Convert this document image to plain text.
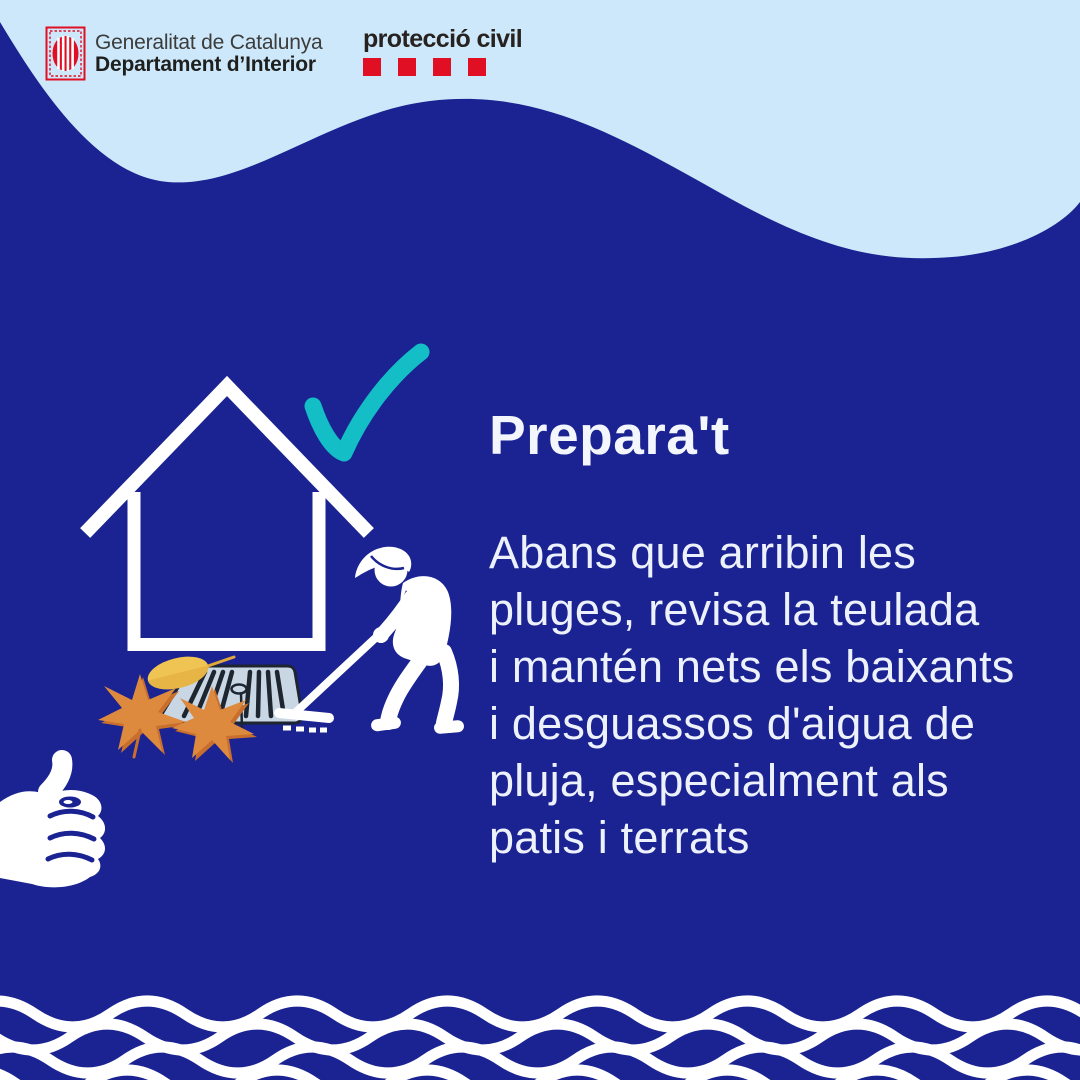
Generalitat de Catalunya
Departament d’Interior
protecció civil
Prepara't
Abans que arribin les
pluges, revisa la teulada
i mantén nets els baixants
i desguassos d'aigua de
pluja, especialment als
patis i terrats
